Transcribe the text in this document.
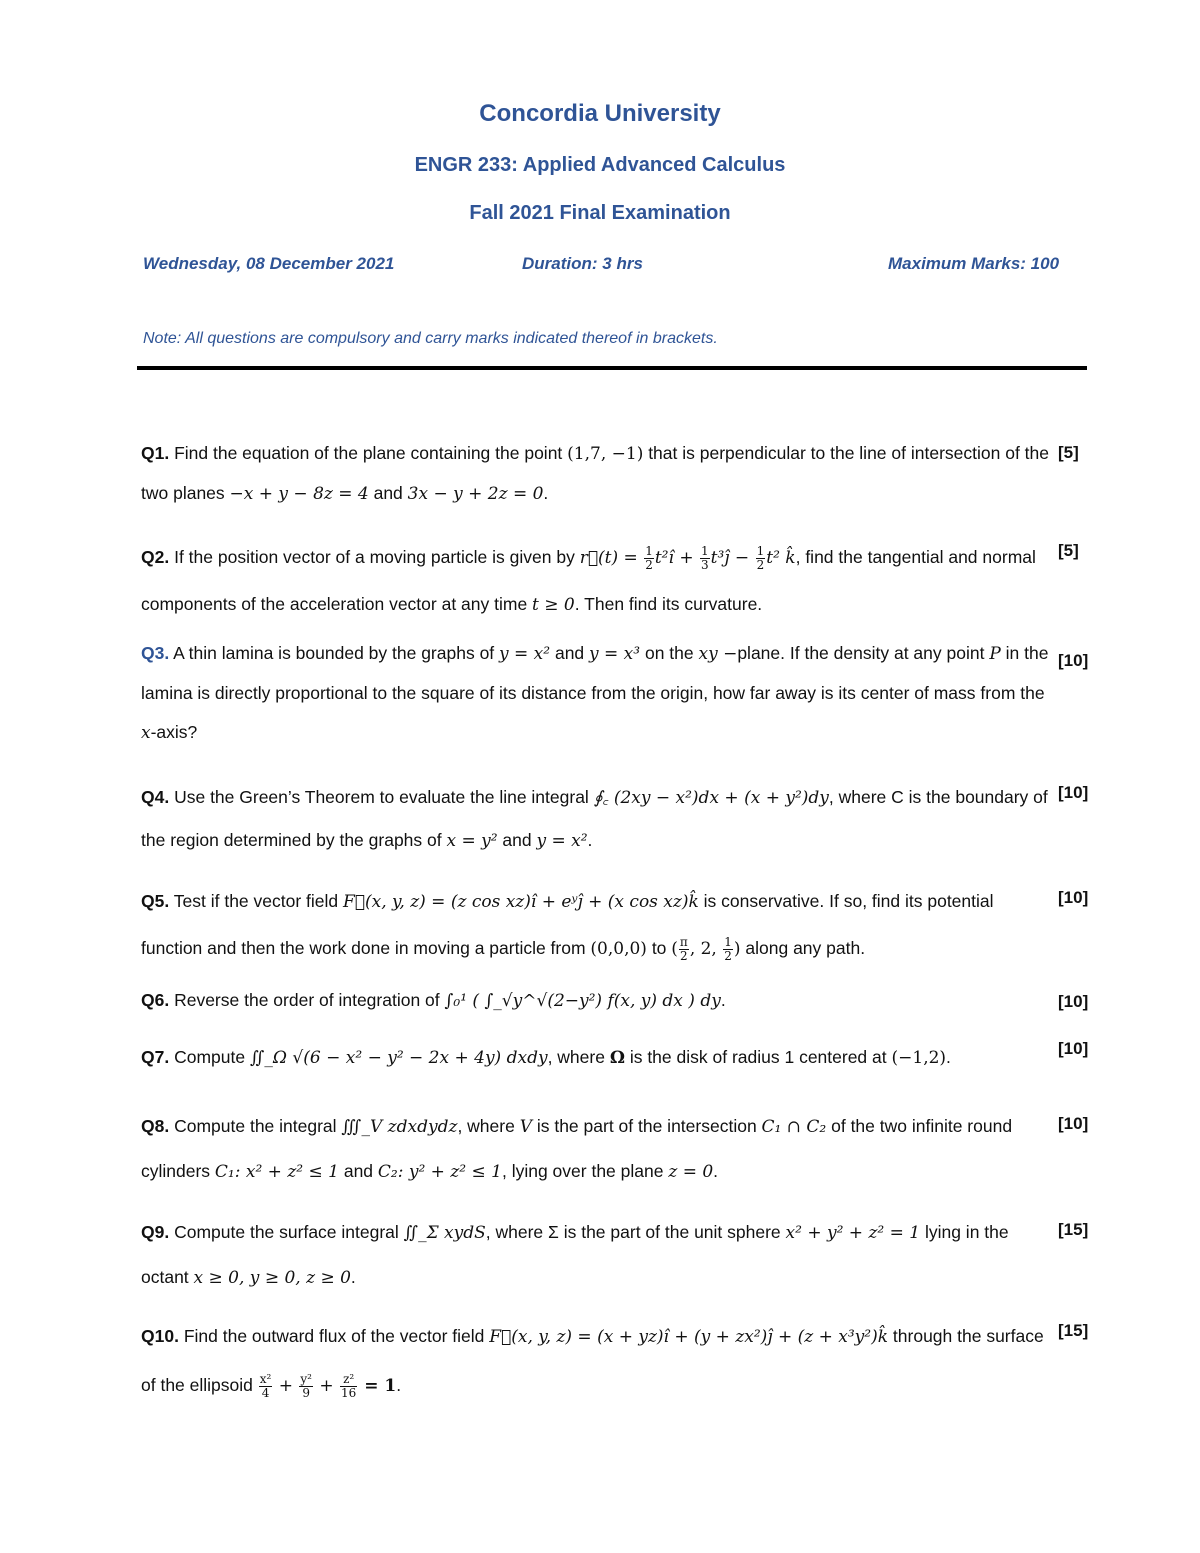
Concordia University
ENGR 233: Applied Advanced Calculus
Fall 2021 Final Examination
Wednesday, 08 December 2021	Duration: 3 hrs	Maximum Marks: 100
Note: All questions are compulsory and carry marks indicated thereof in brackets.
Q1. Find the equation of the plane containing the point (1,7, −1) that is perpendicular to the line of intersection of the two planes −x + y − 8z = 4 and 3x − y + 2z = 0.
[5]
Q2. If the position vector of a moving particle is given by r⃗(t) = $\frac{1}{2}$ t²î + $\frac{1}{3}$ t³ĵ − $\frac{1}{2} t^2$ k̂, find the tangential and normal components of the acceleration vector at any time t ≥ 0. Then find its curvature.
[5]
Q3. A thin lamina is bounded by the graphs of y = x² and y = x³ on the xy −plane. If the density at any point P in the lamina is directly proportional to the square of its distance from the origin, how far away is its center of mass from the x-axis?
[10]
Q4. Use the Green’s Theorem to evaluate the line integral ∮꜀ (2xy − x²)dx + (x + y²)dy, where C is the boundary of the region determined by the graphs of x = y² and y = x².
[10]
Q5. Test if the vector field F⃗(x, y, z) = (z cos xz)î + eʸĵ + (x cos xz)k̂ is conservative. If so, find its potential function and then the work done in moving a particle from (0,0,0) to ( $\frac{\pi}{2}$ , 2, $\frac{1}{2}$ ) along any path.
[10]
Q6. Reverse the order of integration of ∫₀¹ ( ∫_√y^√(2−y²) f(x, y) dx ) dy.	[10]
Q7. Compute ∬_Ω √(6 − x² − y² − 2x + 4y) dxdy, where Ω is the disk of radius 1 centered at (−1,2).	[10]
Q8. Compute the integral ∭_V zdxdydz, where V is the part of the intersection C₁ ∩ C₂ of the two infinite round cylinders C₁: x² + z² ≤ 1 and C₂: y² + z² ≤ 1, lying over the plane z = 0.
[10]
Q9. Compute the surface integral ∬_Σ xydS, where Σ is the part of the unit sphere x² + y² + z² = 1 lying in the octant x ≥ 0, y ≥ 0, z ≥ 0.
[15]
Q10. Find the outward flux of the vector field F⃗(x, y, z) = (x + yz)î + (y + zx²)ĵ + (z + x³y²)k̂ through the surface of the ellipsoid $\frac{\text{x²}}{4} + \frac{\text{y²}}{9} + \frac{\text{z²}}{16} = 1$.
[15]
